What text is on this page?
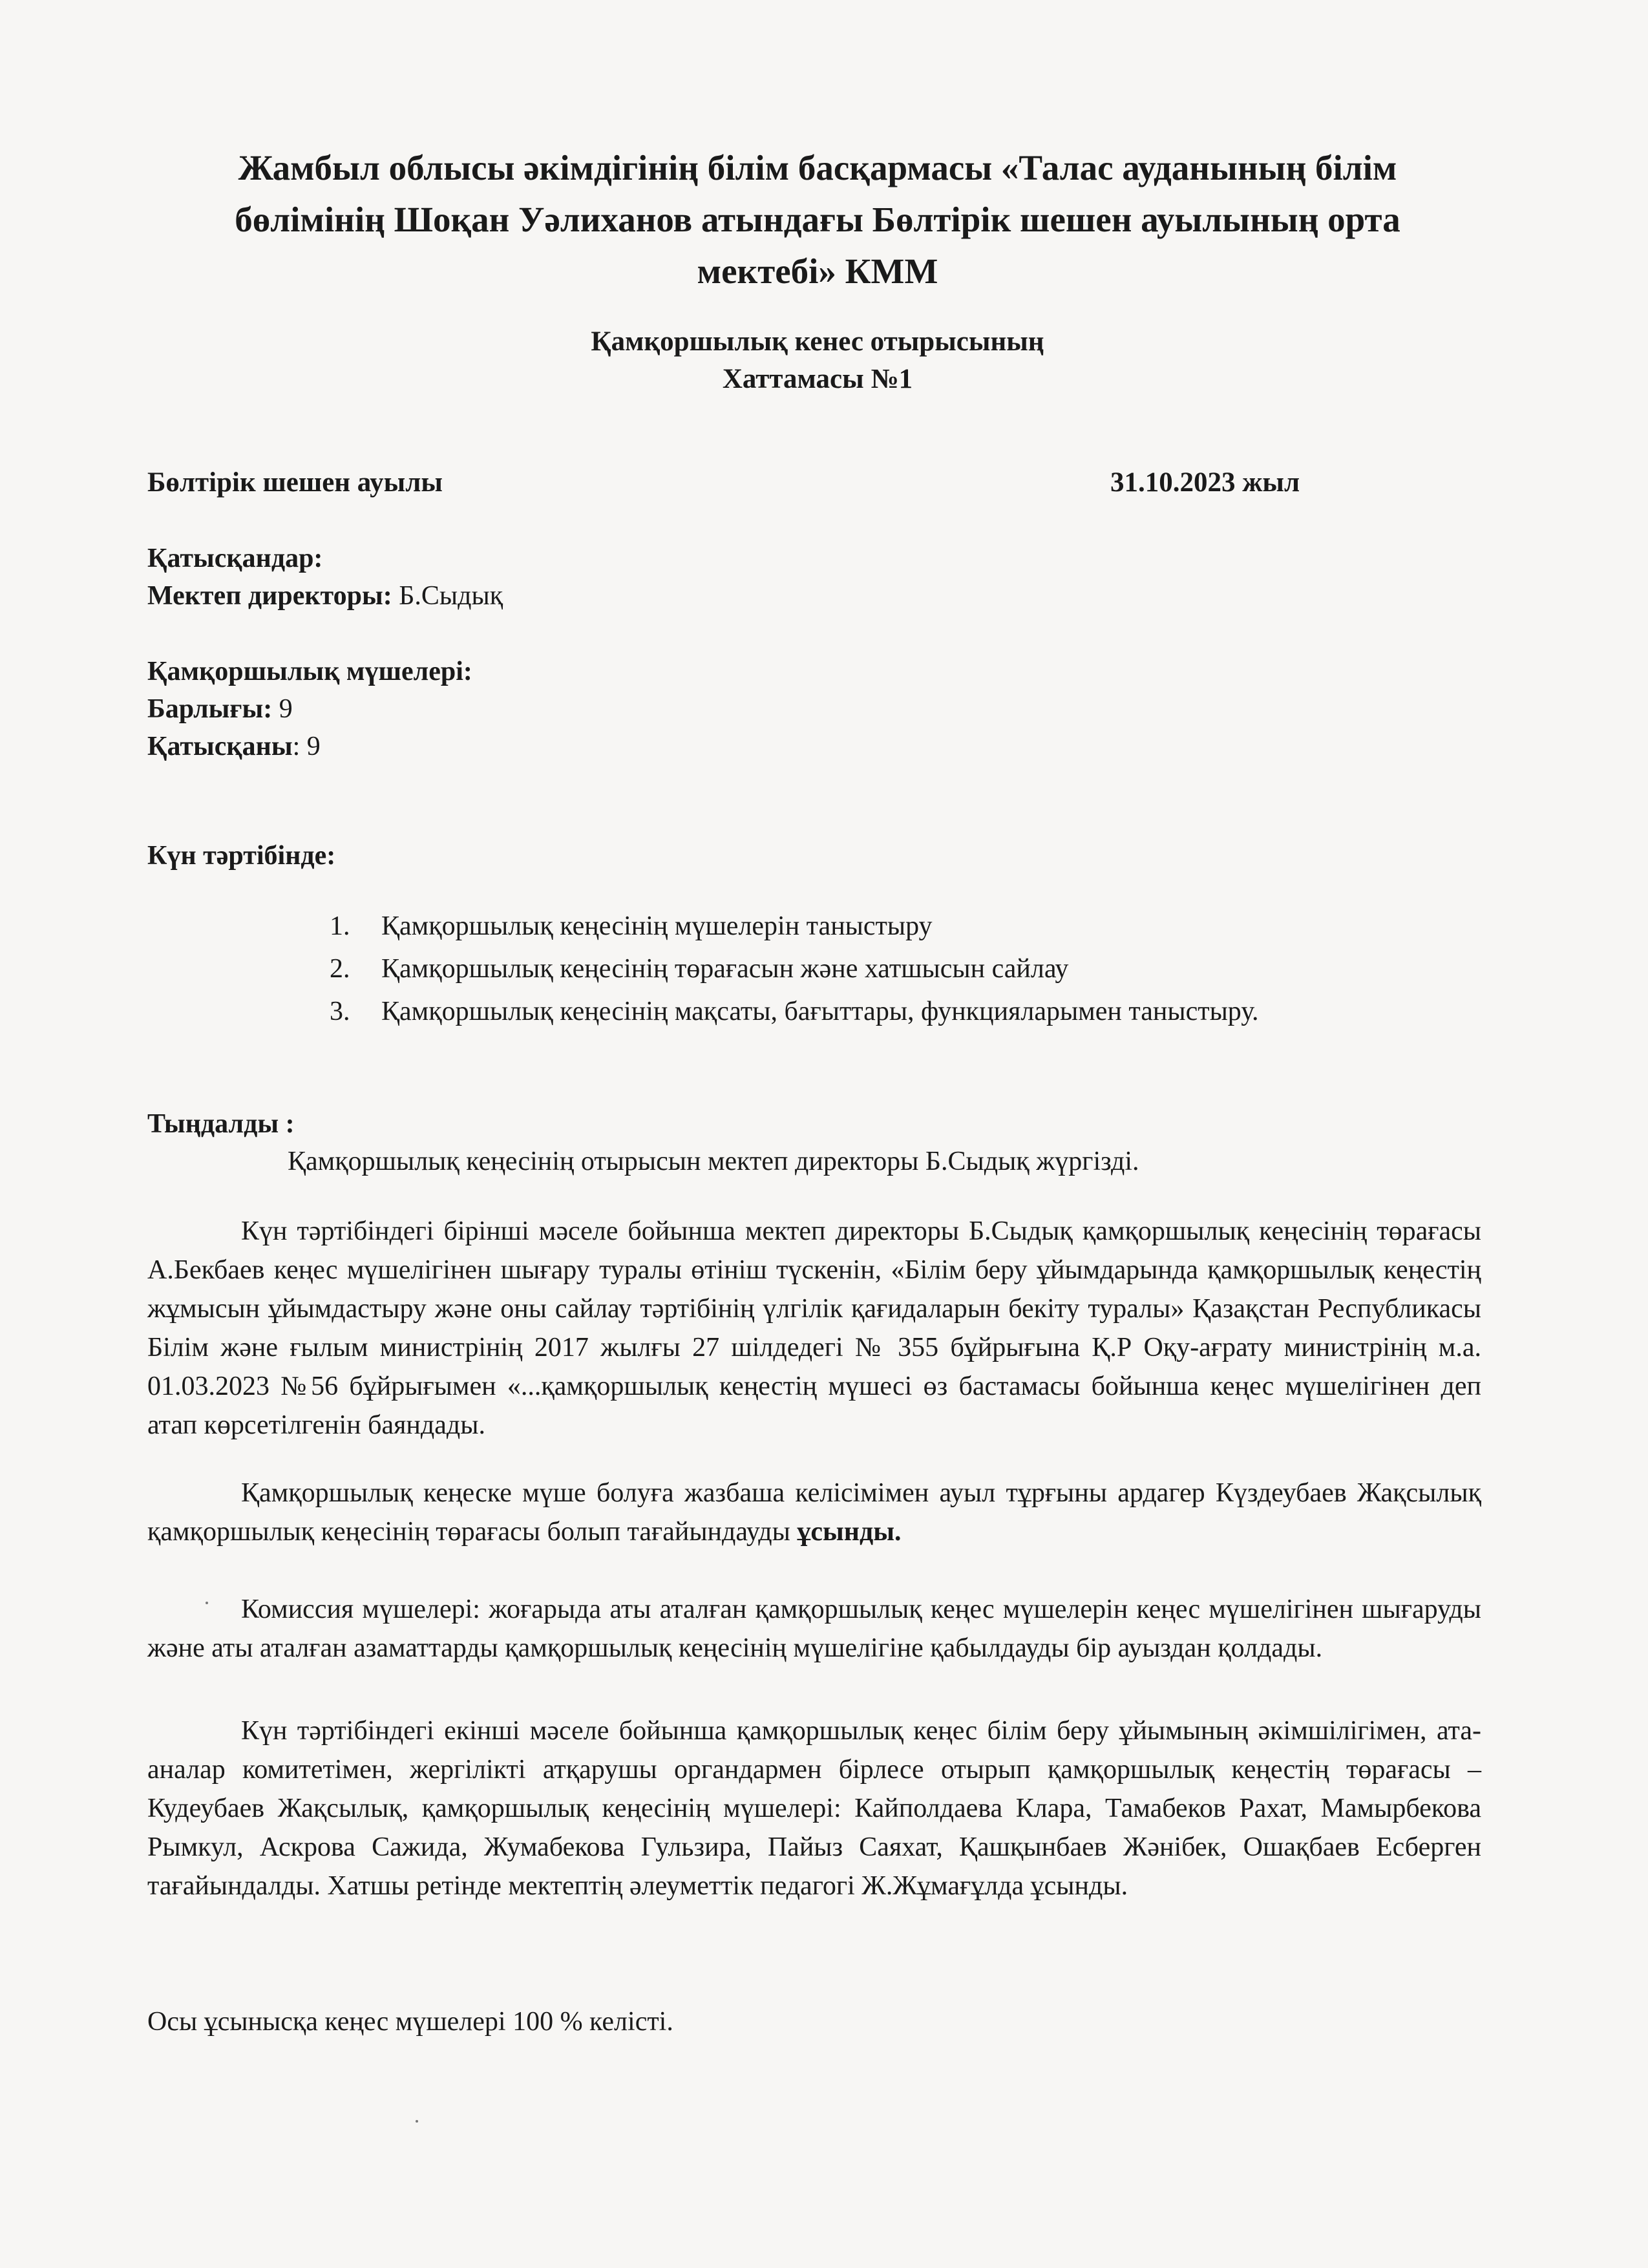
Жамбыл облысы әкімдігінің білім басқармасы «Талас ауданының білім
бөлімінің Шоқан Уәлиханов атындағы Бөлтірік шешен ауылының орта
мектебі» КММ
Қамқоршылық кенес отырысының
Хаттамасы №1
Бөлтірік шешен ауылы	31.10.2023 жыл
Қатысқандар:
Мектеп директоры: Б.Сыдық
Қамқоршылық мүшелері:
Барлығы: 9
Қатысқаны: 9
Күн тәртібінде:
1. Қамқоршылық кеңесінің мүшелерін таныстыру
2. Қамқоршылық кеңесінің төрағасын және хатшысын сайлау
3. Қамқоршылық кеңесінің мақсаты, бағыттары, функцияларымен таныстыру.
Тыңдалды :
Қамқоршылық кеңесінің отырысын мектеп директоры Б.Сыдық жүргізді.
Күн тәртібіндегі бірінші мәселе бойынша мектеп директоры Б.Сыдық қамқоршылық кеңесінің төрағасы А.Бекбаев кеңес мүшелігінен шығару туралы өтініш түскенін, «Білім беру ұйымдарында қамқоршылық кеңестің жұмысын ұйымдастыру және оны сайлау тәртібінің үлгілік қағидаларын бекіту туралы» Қазақстан Республикасы Білім және ғылым министрінің 2017 жылғы 27 шілдедегі № 355 бұйрығына Қ.Р Оқу-ағрату министрінің м.а. 01.03.2023 №56 бұйрығымен «...қамқоршылық кеңестің мүшесі өз бастамасы бойынша кеңес мүшелігінен деп атап көрсетілгенін баяндады.
Қамқоршылық кеңеске мүше болуға жазбаша келісімімен ауыл тұрғыны ардагер Күздеубаев Жақсылық қамқоршылық кеңесінің төрағасы болып тағайындауды ұсынды.
Комиссия мүшелері: жоғарыда аты аталған қамқоршылық кеңес мүшелерін кеңес мүшелігінен шығаруды және аты аталған азаматтарды қамқоршылық кеңесінің мүшелігіне қабылдауды бір ауыздан қолдады.
Күн тәртібіндегі екінші мәселе бойынша қамқоршылық кеңес білім беру ұйымының әкімшілігімен, ата-аналар комитетімен, жергілікті атқарушы органдармен бірлесе отырып қамқоршылық кеңестің төрағасы – Кудеубаев Жақсылық, қамқоршылық кеңесінің мүшелері: Кайполдаева Клара, Тамабеков Рахат, Мамырбекова Рымкул, Аскрова Сажида, Жумабекова Гульзира, Пайыз Саяхат, Қашқынбаев Жәнібек, Ошақбаев Есберген тағайындалды. Хатшы ретінде мектептің әлеуметтік педагогі Ж.Жұмағұлда ұсынды.
Осы ұсынысқа кеңес мүшелері 100 % келісті.
